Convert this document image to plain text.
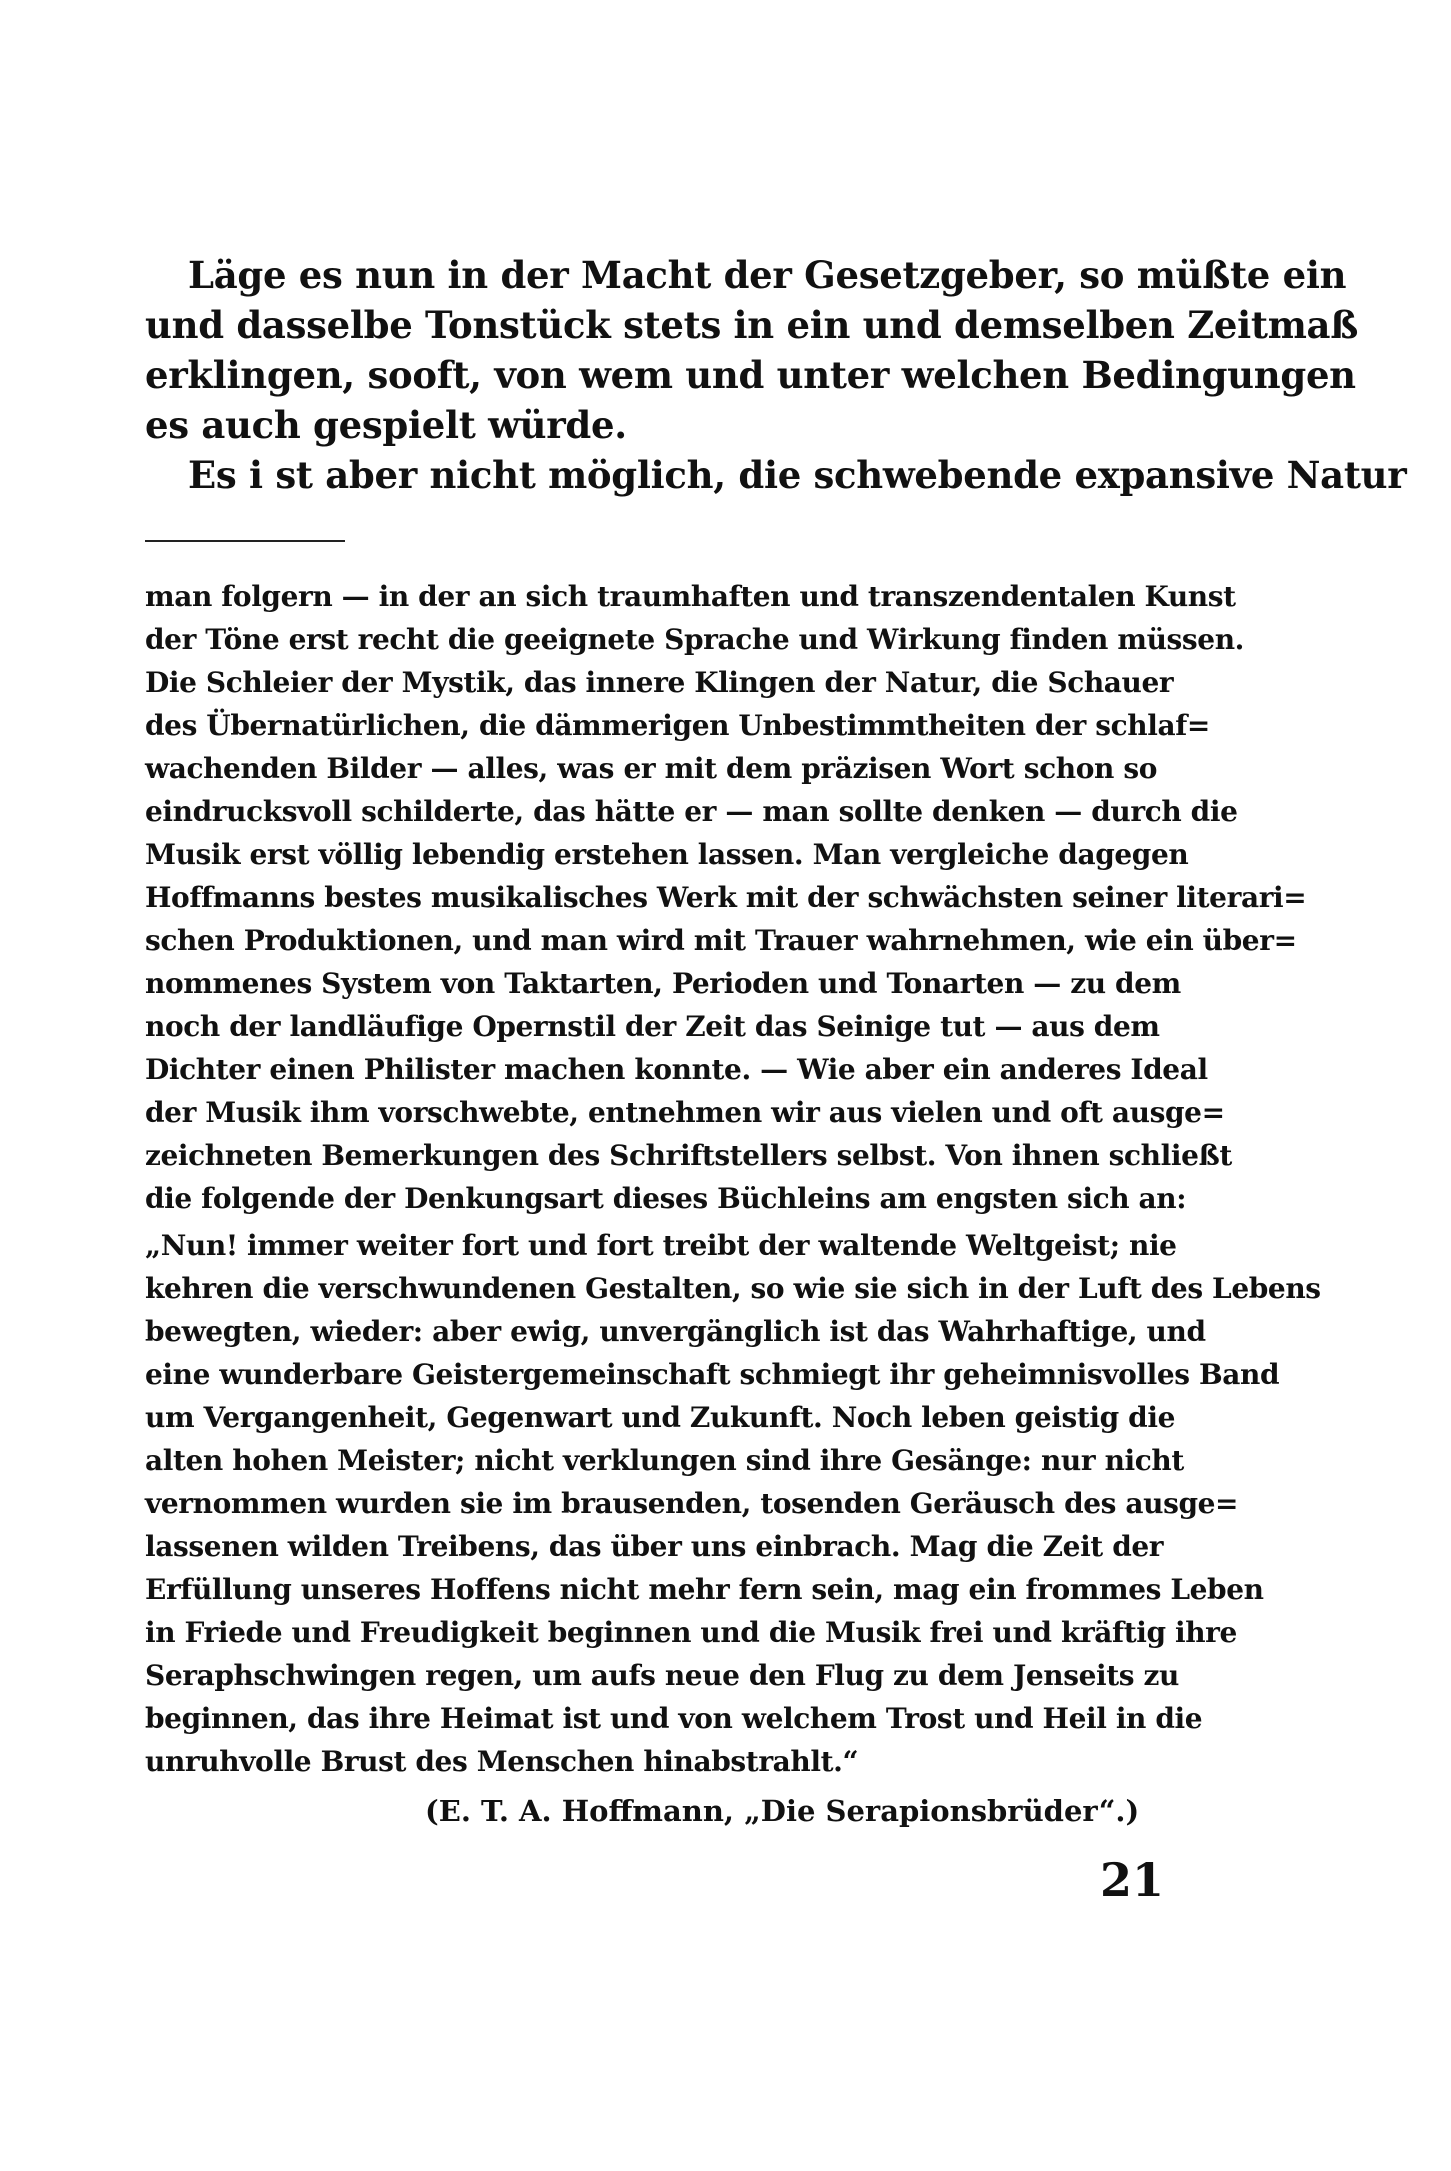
Läge es nun in der Macht der Gesetzgeber, so müßte ein
und dasselbe Tonstück stets in ein und demselben Zeitmaß
erklingen, sooft, von wem und unter welchen Bedingungen
es auch gespielt würde.
Es i st aber nicht möglich, die schwebende expansive Natur
man folgern — in der an sich traumhaften und transzendentalen Kunst
der Töne erst recht die geeignete Sprache und Wirkung finden müssen.
Die Schleier der Mystik, das innere Klingen der Natur, die Schauer
des Übernatürlichen, die dämmerigen Unbestimmtheiten der schlaf=
wachenden Bilder — alles, was er mit dem präzisen Wort schon so
eindrucksvoll schilderte, das hätte er — man sollte denken — durch die
Musik erst völlig lebendig erstehen lassen. Man vergleiche dagegen
Hoffmanns bestes musikalisches Werk mit der schwächsten seiner literari=
schen Produktionen, und man wird mit Trauer wahrnehmen, wie ein über=
nommenes System von Taktarten, Perioden und Tonarten — zu dem
noch der landläufige Opernstil der Zeit das Seinige tut — aus dem
Dichter einen Philister machen konnte. — Wie aber ein anderes Ideal
der Musik ihm vorschwebte, entnehmen wir aus vielen und oft ausge=
zeichneten Bemerkungen des Schriftstellers selbst. Von ihnen schließt
die folgende der Denkungsart dieses Büchleins am engsten sich an:
„Nun! immer weiter fort und fort treibt der waltende Weltgeist; nie
kehren die verschwundenen Gestalten, so wie sie sich in der Luft des Lebens
bewegten, wieder: aber ewig, unvergänglich ist das Wahrhaftige, und
eine wunderbare Geistergemeinschaft schmiegt ihr geheimnisvolles Band
um Vergangenheit, Gegenwart und Zukunft. Noch leben geistig die
alten hohen Meister; nicht verklungen sind ihre Gesänge: nur nicht
vernommen wurden sie im brausenden, tosenden Geräusch des ausge=
lassenen wilden Treibens, das über uns einbrach. Mag die Zeit der
Erfüllung unseres Hoffens nicht mehr fern sein, mag ein frommes Leben
in Friede und Freudigkeit beginnen und die Musik frei und kräftig ihre
Seraphschwingen regen, um aufs neue den Flug zu dem Jenseits zu
beginnen, das ihre Heimat ist und von welchem Trost und Heil in die
unruhvolle Brust des Menschen hinabstrahlt.“
(E. T. A. Hoffmann, „Die Serapionsbrüder“.)
21
